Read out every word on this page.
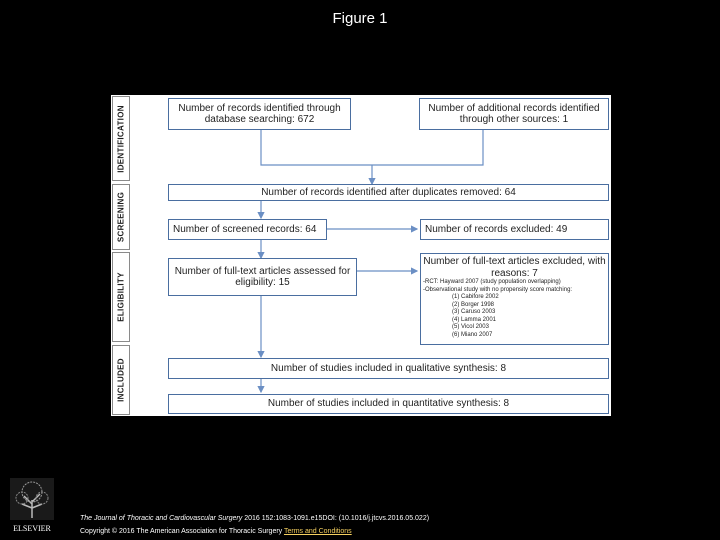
Figure 1
IDENTIFICATION
SCREENING
ELIGIBILITY
INCLUDED
Number of records identified through database searching: 672
Number of additional records identified through other sources: 1
Number of records identified after duplicates removed: 64
Number of screened records: 64	Number of records excluded: 49
Number of full-text articles assessed for eligibility: 15
Number of full-text articles excluded, with reasons: 7
-RCT: Hayward 2007 (study population overlapping)
-Observational study with no propensity score matching:
(1) Cabifore 2002
(2) Borger 1998
(3) Caruso 2003
(4) Lamma 2001
(5) Vicol 2003
(6) Miano 2007
Number of studies included in qualitative synthesis: 8
Number of studies included in quantitative synthesis: 8
ELSEVIER
The Journal of Thoracic and Cardiovascular Surgery 2016 152:1083-1091.e15DOI: (10.1016/j.jtcvs.2016.05.022)
Copyright © 2016 The American Association for Thoracic Surgery Terms and Conditions
